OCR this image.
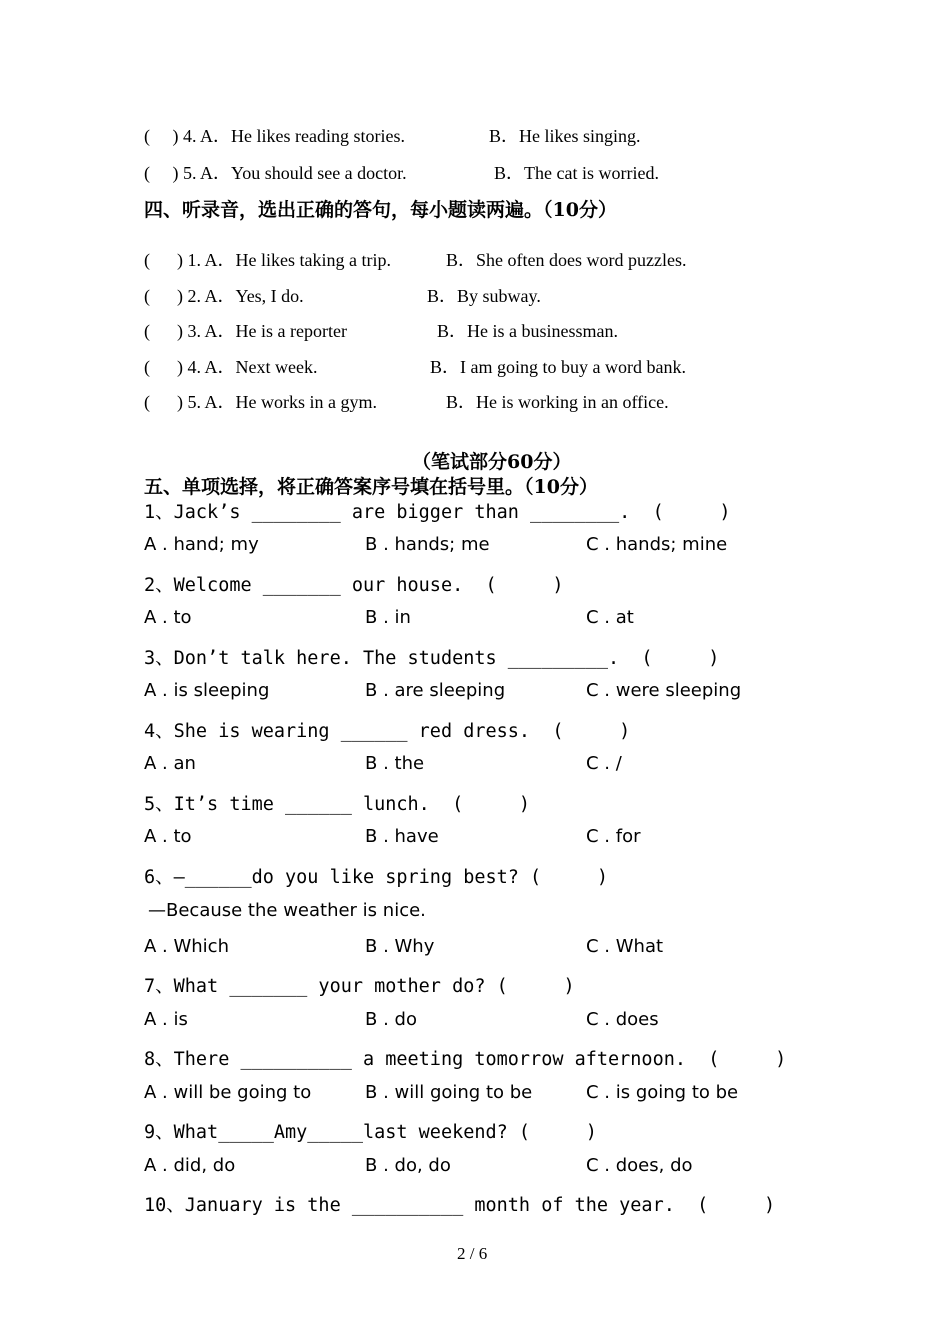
(     ) 4. A．He likes reading stories.	B．He likes singing.
(     ) 5. A．You should see a doctor.	B．The cat is worried.
四、听录音，选出正确的答句，每小题读两遍。（10分）
(      ) 1. A．He likes taking a trip.	B．She often does word puzzles.
(      ) 2. A．Yes, I do.	B．By subway.
(      ) 3. A．He is a reporter	B．He is a businessman.
(      ) 4. A．Next week.	B．I am going to buy a word bank.
(      ) 5. A．He works in a gym.	B．He is working in an office.
（笔试部分60分）
五、单项选择，将正确答案序号填在括号里。（10分）
1、Jack’s ________ are bigger than ________.  (     )
A . hand; my	B . hands; me	C . hands; mine
2、Welcome _______ our house.  (     )
A . to	B . in	C . at
3、Don’t talk here. The students _________.  (     )
A . is sleeping	B . are sleeping	C . were sleeping
4、She is wearing ______ red dress.  (     )
A . an	B . the	C . /
5、It’s time ______ lunch.  (     )
A . to	B . have	C . for
6、—______do you like spring best? (     )
—Because the weather is nice.
A . Which	B . Why	C . What
7、What _______ your mother do? (     )
A . is	B . do	C . does
8、There __________ a meeting tomorrow afternoon.  (     )
A . will be going to	B . will going to be	C . is going to be
9、What_____Amy_____last weekend? (     )
A . did, do	B . do, do	C . does, do
10、January is the __________ month of the year.  (     )
2 / 6
